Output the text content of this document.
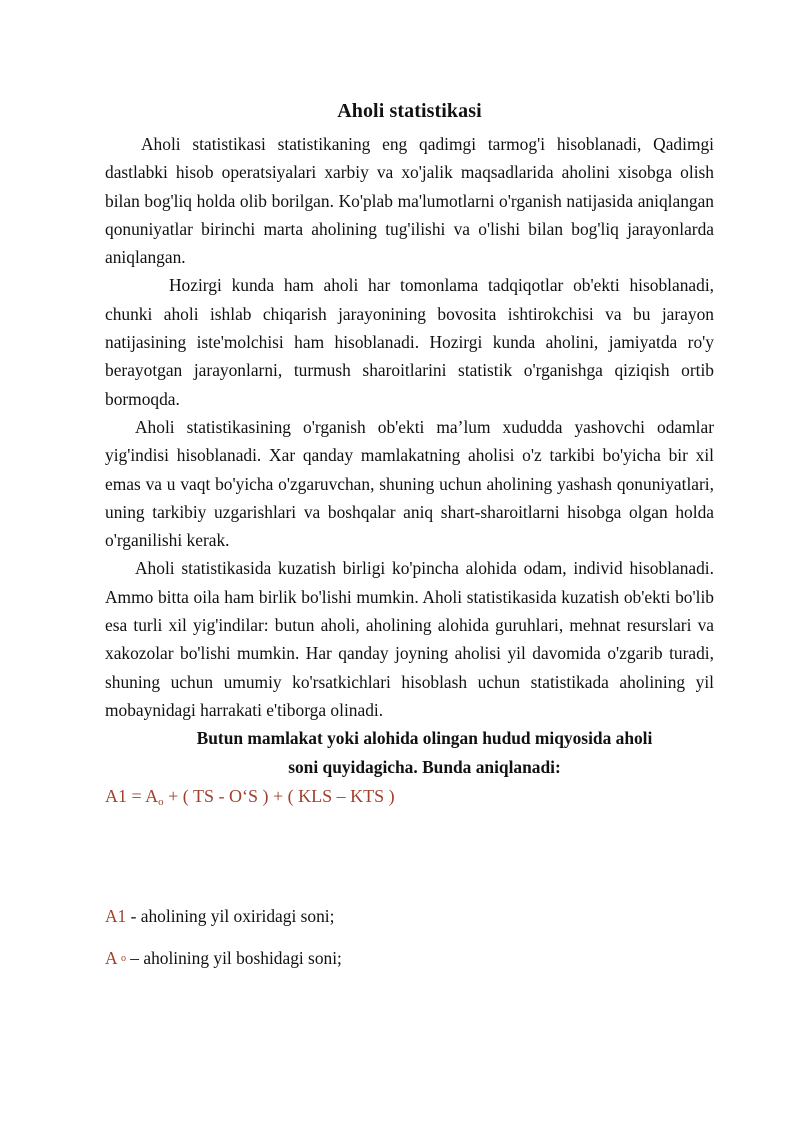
Aholi statistikasi

Aholi statistikasi statistikaning eng qadimgi tarmog'i hisoblanadi, Qadimgi dastlabki hisob operatsiyalari xarbiy va xo'jalik maqsadlarida aholini xisobga olish bilan bog'liq holda olib borilgan. Ko'plab ma'lumotlarni o'rganish natijasida aniqlangan qonuniyatlar birinchi marta aholining tug'ilishi va o'lishi bilan bog'liq jarayonlarda aniqlangan.

Hozirgi kunda ham aholi har tomonlama tadqiqotlar ob'ekti hisoblanadi, chunki aholi ishlab chiqarish jarayonining bovosita ishtirokchisi va bu jarayon natijasining iste'molchisi ham hisoblanadi. Hozirgi kunda aholini, jamiyatda ro'y berayotgan jarayonlarni, turmush sharoitlarini statistik o'rganishga qiziqish ortib bormoqda.

Aholi statistikasining o'rganish ob'ekti ma’lum xududda yashovchi odamlar yig'indisi hisoblanadi. Xar qanday mamlakatning aholisi o'z tarkibi bo'yicha bir xil emas va u vaqt bo'yicha o'zgaruvchan, shuning uchun aholining yashash qonuniyatlari, uning tarkibiy uzgarishlari va boshqalar aniq shart-sharoitlarni hisobga olgan holda o'rganilishi kerak.

Aholi statistikasida kuzatish birligi ko'pincha alohida odam, individ hisoblanadi. Ammo bitta oila ham birlik bo'lishi mumkin. Aholi statistikasida kuzatish ob'ekti bo'lib esa turli xil yig'indilar: butun aholi, aholining alohida guruhlari, mehnat resurslari va xakozolar bo'lishi mumkin. Har qanday joyning aholisi yil davomida o'zgarib turadi, shuning uchun umumiy ko'rsatkichlari hisoblash uchun statistikada aholining yil mobaynidagi harrakati e'tiborga olinadi.

Butun mamlakat yoki alohida olingan hudud miqyosida aholi
soni quyidagicha. Bunda aniqlanadi:

$A1 = A_o$ + ( TS - O‘S ) + ( KLS – KTS )

A1 - aholining yil oxiridagi soni;

A o – aholining yil boshidagi soni;
